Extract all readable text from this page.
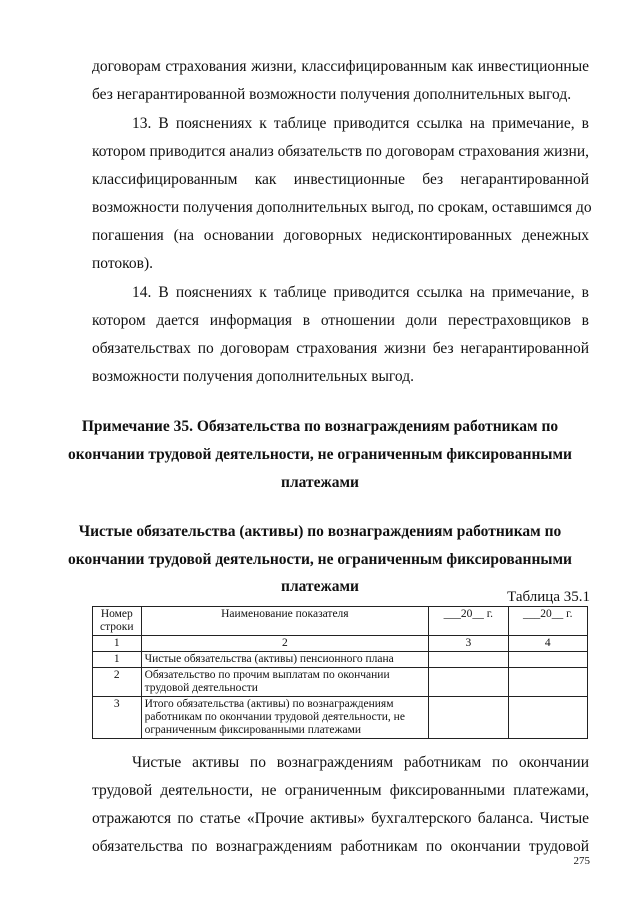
договорам страхования жизни, классифицированным как инвестиционные
без негарантированной возможности получения дополнительных выгод.
13. В пояснениях к таблице приводится ссылка на примечание, в
котором приводится анализ обязательств по договорам страхования жизни,
классифицированным как инвестиционные без негарантированной
возможности получения дополнительных выгод, по срокам, оставшимся до
погашения (на основании договорных недисконтированных денежных
потоков).
14. В пояснениях к таблице приводится ссылка на примечание, в
котором дается информация в отношении доли перестраховщиков в
обязательствах по договорам страхования жизни без негарантированной
возможности получения дополнительных выгод.
Примечание 35. Обязательства по вознаграждениям работникам по
окончании трудовой деятельности, не ограниченным фиксированными
платежами
Чистые обязательства (активы) по вознаграждениям работникам по
окончании трудовой деятельности, не ограниченным фиксированными
платежами
Таблица 35.1
Номер
строки	Наименование показателя	___20__ г.	___20__ г.
1	2	3	4
1	Чистые обязательства (активы) пенсионного плана		
2	Обязательство по прочим выплатам по окончании трудовой деятельности		
3	Итого обязательства (активы) по вознаграждениям работникам по окончании трудовой деятельности, не ограниченным фиксированными платежами		
Чистые активы по вознаграждениям работникам по окончании
трудовой деятельности, не ограниченным фиксированными платежами,
отражаются по статье «Прочие активы» бухгалтерского баланса. Чистые
обязательства по вознаграждениям работникам по окончании трудовой
275
